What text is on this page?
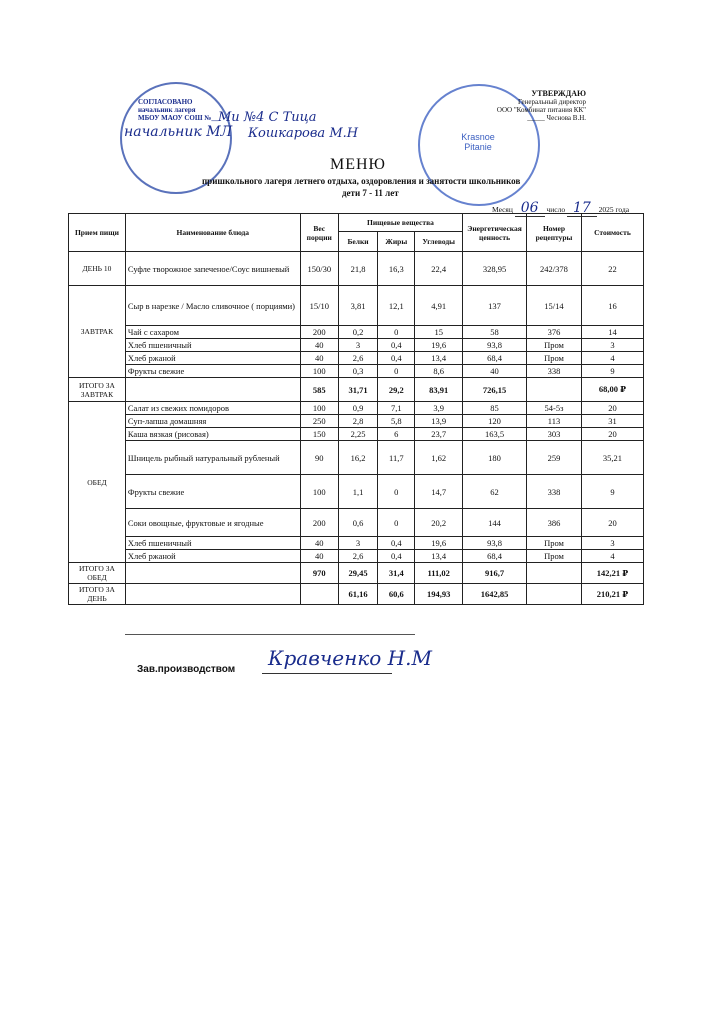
СОГЛАСОВАНО
начальник лагеря
МБОУ МАОУ СОШ №__ Ми №4 С Тица
начальник МЛ Кошкарова М.Н	Krasnoe Pitanie
УТВЕРЖДАЮ
Генеральный директор
ООО "Комбинат питания КК"
_____ Чеснова В.Н.
МЕНЮ
пришкольного лагеря летнего отдыха, оздоровления и занятости школьников
дети 7 - 11 лет
Месяц 06 число 17 2025 года
Прием пищи	Наименование блюда	Вес порции	Пищевые вещества			Энергетическая ценность	Номер рецептуры	Стоимость
			Белки	Жиры	Углеводы			
ДЕНЬ 10	Суфле творожное запеченое/Соус вишневый	150/30	21,8	16,3	22,4	328,95	242/378	22
ЗАВТРАК	Сыр в нарезке / Масло сливочное ( порциями)	15/10	3,81	12,1	4,91	137	15/14	16
	Чай с сахаром	200	0,2	0	15	58	376	14
	Хлеб пшеничный	40	3	0,4	19,6	93,8	Пром	3
	Хлеб ржаной	40	2,6	0,4	13,4	68,4	Пром	4
	Фрукты свежие	100	0,3	0	8,6	40	338	9
ИТОГО ЗА ЗАВТРАК		585	31,71	29,2	83,91	726,15		68,00 ₽
ОБЕД	Салат из свежих помидоров	100	0,9	7,1	3,9	85	54-5з	20
	Суп-лапша домашняя	250	2,8	5,8	13,9	120	113	31
	Каша вязкая (рисовая)	150	2,25	6	23,7	163,5	303	20
	Шницель рыбный натуральный рубленый	90	16,2	11,7	1,62	180	259	35,21
	Фрукты свежие	100	1,1	0	14,7	62	338	9
	Соки овощные, фруктовые и ягодные	200	0,6	0	20,2	144	386	20
	Хлеб пшеничный	40	3	0,4	19,6	93,8	Пром	3
	Хлеб ржаной	40	2,6	0,4	13,4	68,4	Пром	4
ИТОГО ЗА ОБЕД		970	29,45	31,4	111,02	916,7		142,21 ₽
ИТОГО ЗА ДЕНЬ			61,16	60,6	194,93	1642,85		210,21 ₽
Зав.производством Кравченко Н.М
